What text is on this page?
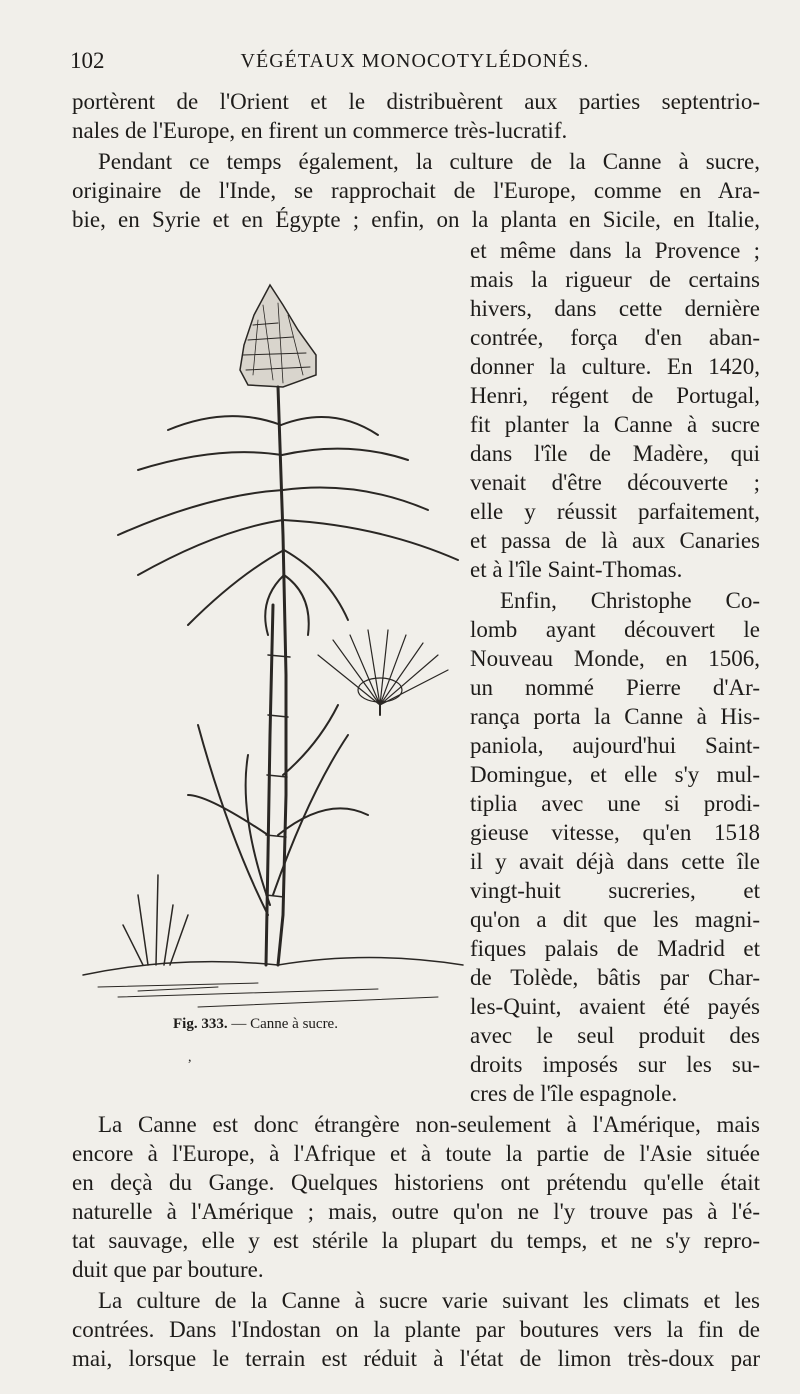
102	VÉGÉTAUX MONOCOTYLÉDONÉS.
portèrent de l'Orient et le distribuèrent aux parties septentrio-
nales de l'Europe, en firent un commerce très-lucratif.
Pendant ce temps également, la culture de la Canne à sucre,
originaire de l'Inde, se rapprochait de l'Europe, comme en Ara-
bie, en Syrie et en Égypte ; enfin, on la planta en Sicile, en Italie,
et même dans la Provence ;
mais la rigueur de certains
hivers, dans cette dernière
contrée, força d'en aban-
donner la culture. En 1420,
Henri, régent de Portugal,
fit planter la Canne à sucre
dans l'île de Madère, qui
venait d'être découverte ;
elle y réussit parfaitement,
et passa de là aux Canaries
et à l'île Saint-Thomas.
Enfin, Christophe Co-
lomb ayant découvert le
Nouveau Monde, en 1506,
un nommé Pierre d'Ar-
rança porta la Canne à His-
paniola, aujourd'hui Saint-
Domingue, et elle s'y mul-
tiplia avec une si prodi-
gieuse vitesse, qu'en 1518
il y avait déjà dans cette île
vingt-huit sucreries, et
qu'on a dit que les magni-
fiques palais de Madrid et
de Tolède, bâtis par Char-
les-Quint, avaient été payés
avec le seul produit des
droits imposés sur les su-
cres de l'île espagnole.
Fig. 333. — Canne à sucre.
,
La Canne est donc étrangère non-seulement à l'Amérique, mais
encore à l'Europe, à l'Afrique et à toute la partie de l'Asie située
en deçà du Gange. Quelques historiens ont prétendu qu'elle était
naturelle à l'Amérique ; mais, outre qu'on ne l'y trouve pas à l'é-
tat sauvage, elle y est stérile la plupart du temps, et ne s'y repro-
duit que par bouture.
La culture de la Canne à sucre varie suivant les climats et les
contrées. Dans l'Indostan on la plante par boutures vers la fin de
mai, lorsque le terrain est réduit à l'état de limon très-doux par
